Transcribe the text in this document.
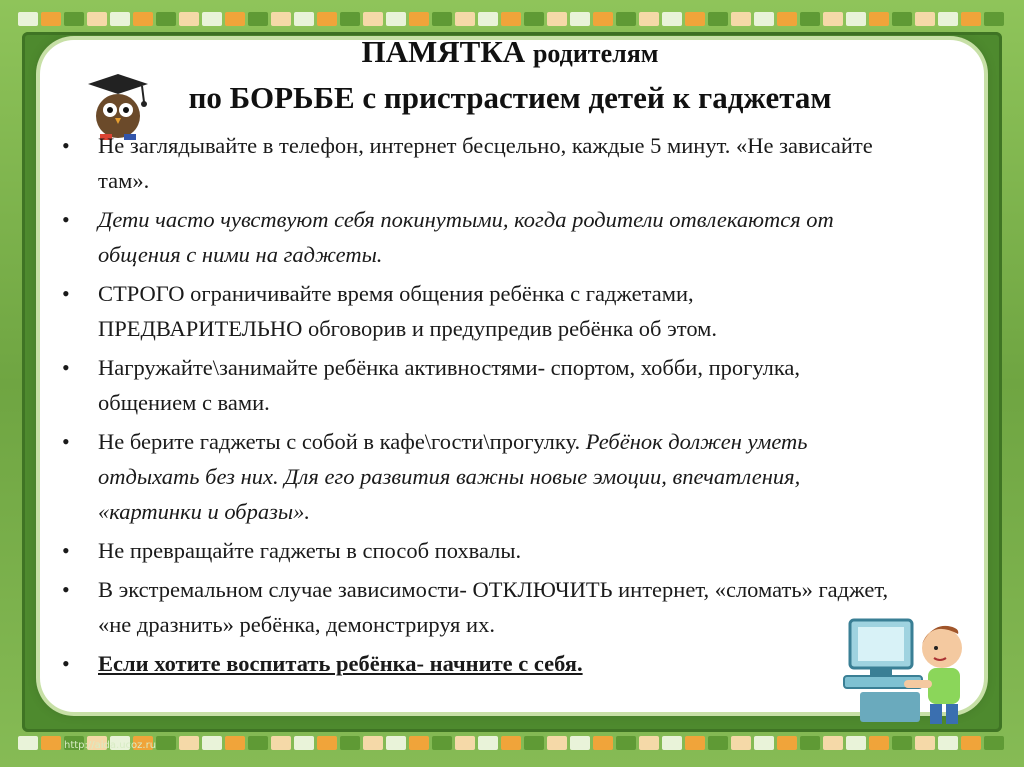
ПАМЯТКА родителям
по БОРЬБЕ с пристрастием детей к гаджетам
• Не заглядывайте в телефон, интернет бесцельно, каждые 5 минут. «Не зависайте там».
• Дети часто чувствуют себя покинутыми, когда родители отвлекаются от общения с ними на гаджеты.
• СТРОГО ограничивайте время общения ребёнка с гаджетами, ПРЕДВАРИТЕЛЬНО обговорив и предупредив ребёнка об этом.
• Нагружайте\занимайте ребёнка активностями- спортом, хобби, прогулка, общением с вами.
• Не берите гаджеты с собой в кафе\гости\прогулку. Ребёнок должен уметь отдыхать без них. Для его развития важны новые эмоции, впечатления, «картинки и образы».
• Не превращайте гаджеты в способ похвалы.
• В экстремальном случае зависимости- ОТКЛЮЧИТЬ интернет, «сломать» гаджет, «не дразнить» ребёнка, демонстрируя их.
• Если хотите воспитать ребёнка- начните с себя.
http://aida.ucoz.ru
